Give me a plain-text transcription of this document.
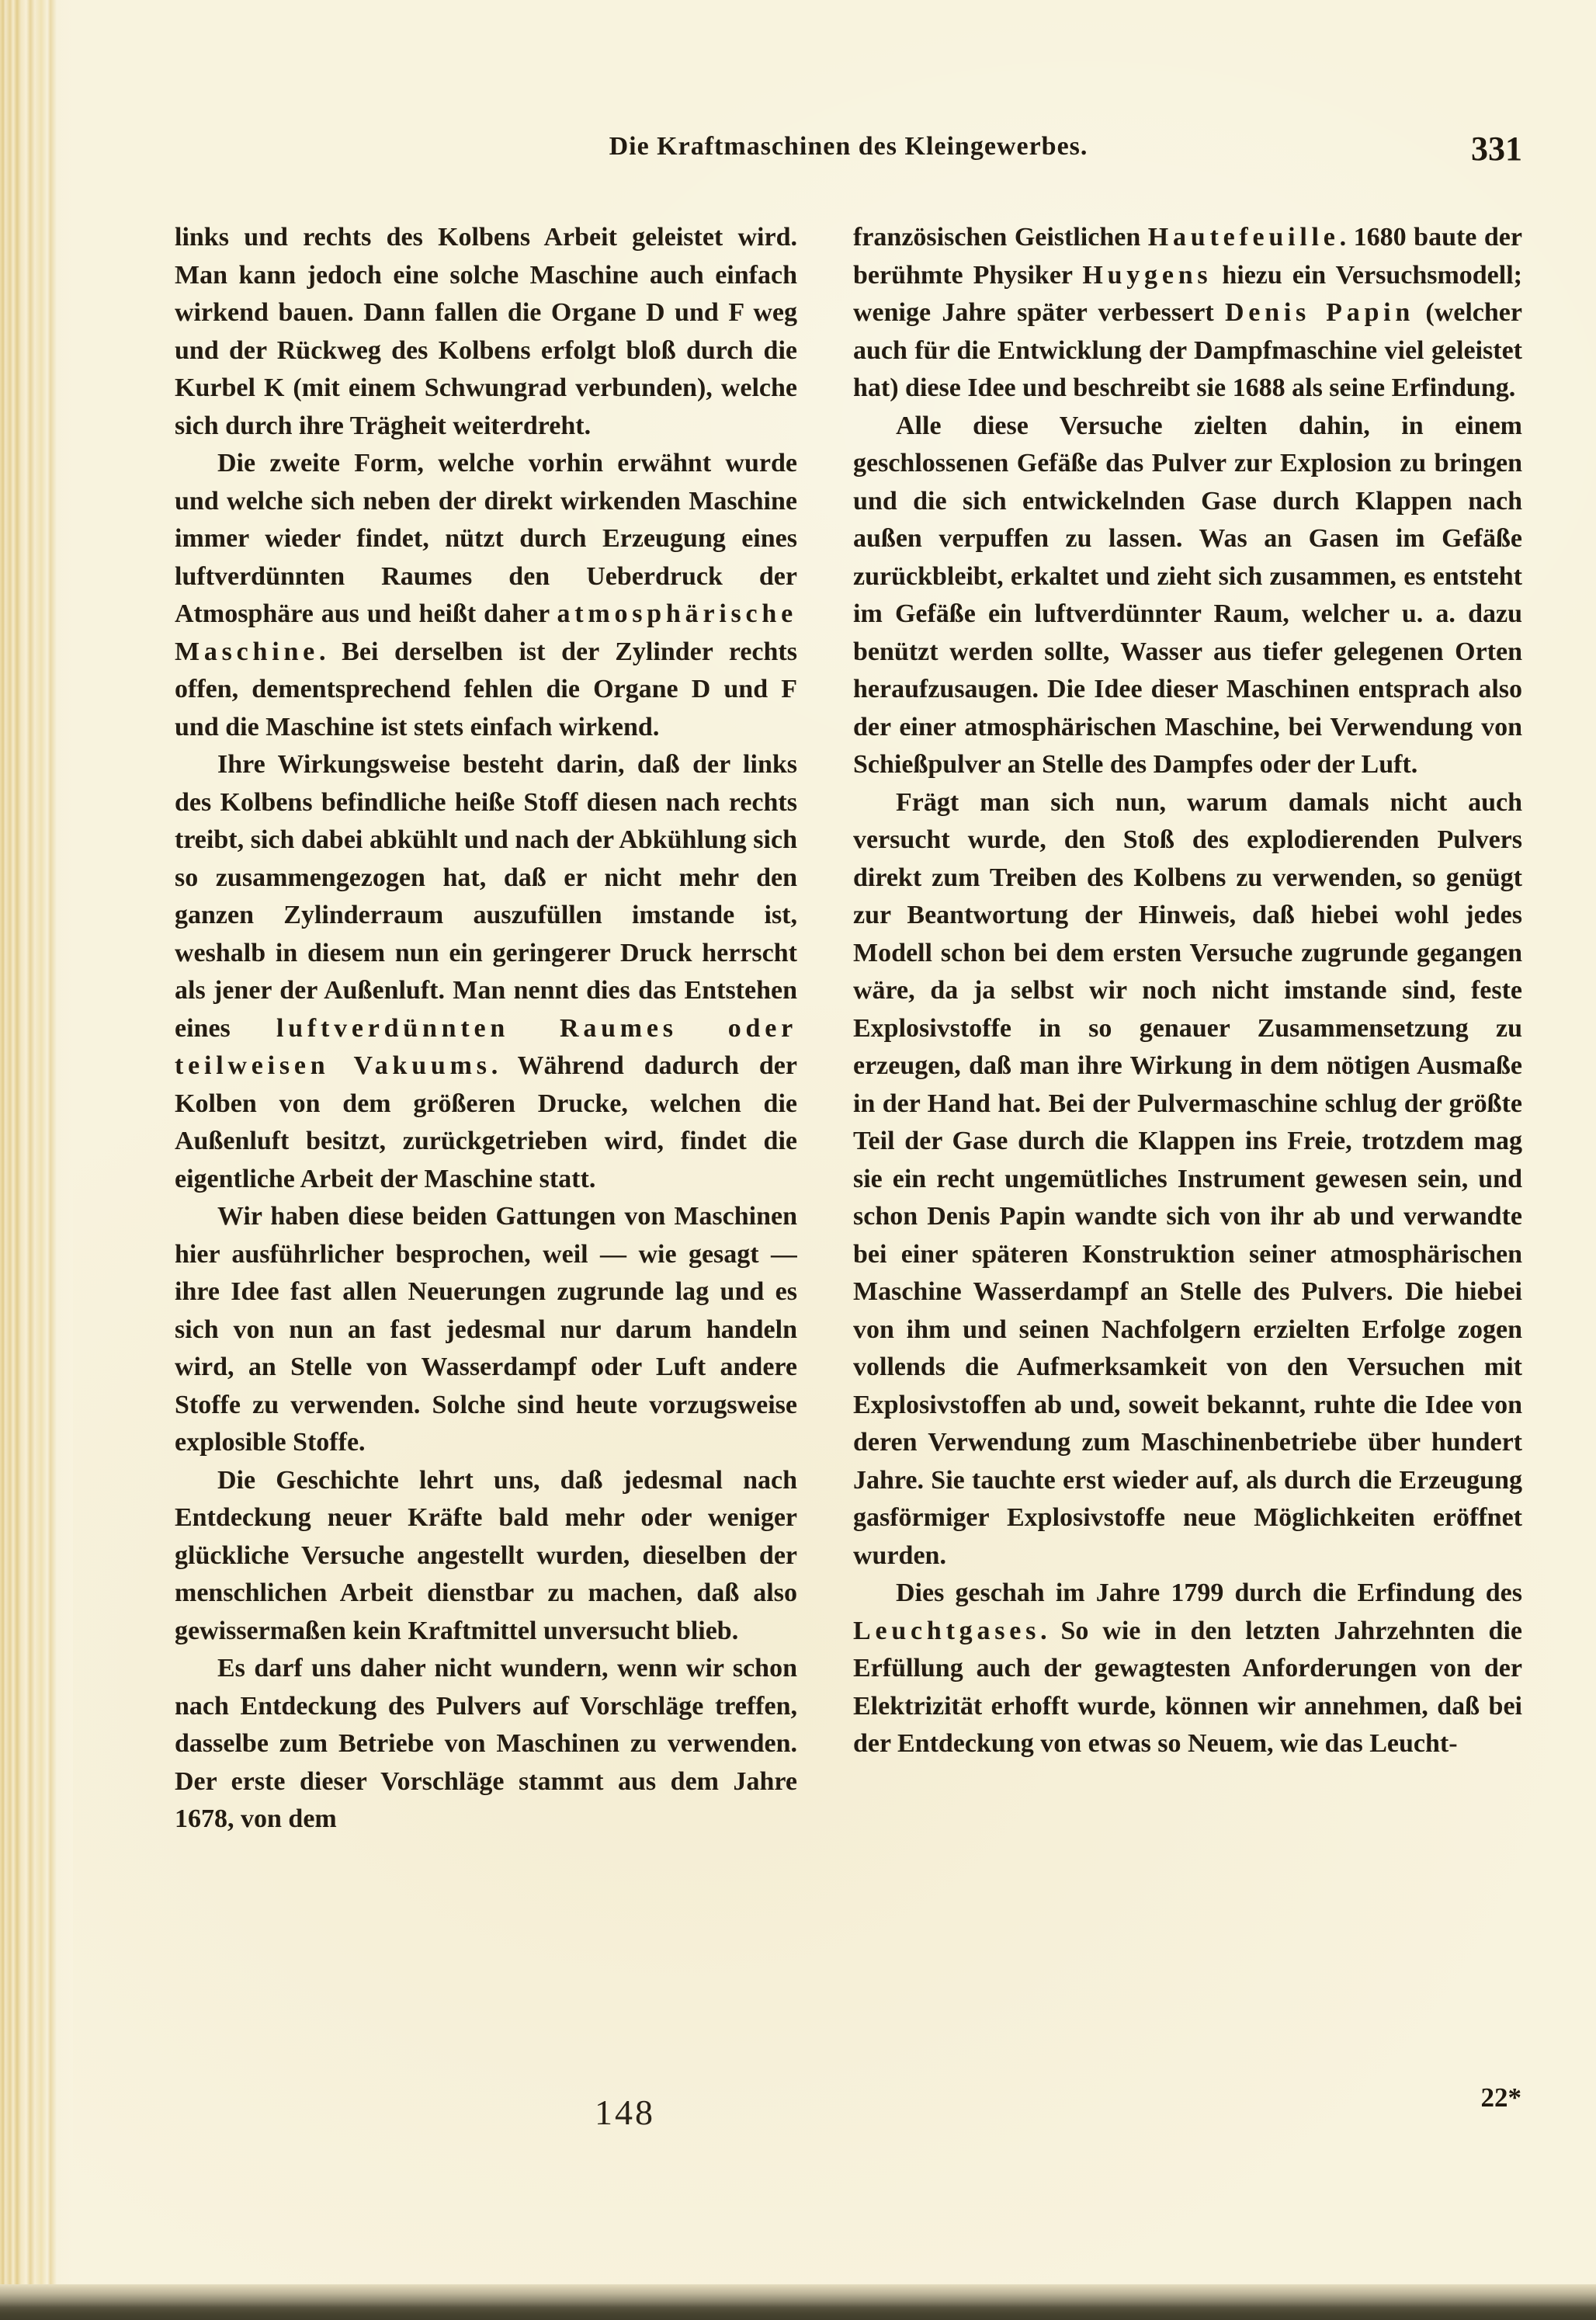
Die Kraftmaschinen des Kleingewerbes.	331

links und rechts des Kolbens Arbeit geleistet wird. Man kann jedoch eine solche Maschine auch einfach wirkend bauen. Dann fallen die Organe D und F weg und der Rückweg des Kolbens erfolgt bloß durch die Kurbel K (mit einem Schwungrad verbunden), welche sich durch ihre Trägheit weiterdreht.

Die zweite Form, welche vorhin erwähnt wurde und welche sich neben der direkt wirkenden Maschine immer wieder findet, nützt durch Erzeugung eines luftverdünnten Raumes den Ueberdruck der Atmosphäre aus und heißt daher atmosphärische Maschine. Bei derselben ist der Zylinder rechts offen, dementsprechend fehlen die Organe D und F und die Maschine ist stets einfach wirkend.

Ihre Wirkungsweise besteht darin, daß der links des Kolbens befindliche heiße Stoff diesen nach rechts treibt, sich dabei abkühlt und nach der Abkühlung sich so zusammengezogen hat, daß er nicht mehr den ganzen Zylinderraum auszufüllen imstande ist, weshalb in diesem nun ein geringerer Druck herrscht als jener der Außenluft. Man nennt dies das Entstehen eines luftverdünnten Raumes oder teilweisen Vakuums. Während dadurch der Kolben von dem größeren Drucke, welchen die Außenluft besitzt, zurückgetrieben wird, findet die eigentliche Arbeit der Maschine statt.

Wir haben diese beiden Gattungen von Maschinen hier ausführlicher besprochen, weil — wie gesagt — ihre Idee fast allen Neuerungen zugrunde lag und es sich von nun an fast jedesmal nur darum handeln wird, an Stelle von Wasserdampf oder Luft andere Stoffe zu verwenden. Solche sind heute vorzugsweise explosible Stoffe.

Die Geschichte lehrt uns, daß jedesmal nach Entdeckung neuer Kräfte bald mehr oder weniger glückliche Versuche angestellt wurden, dieselben der menschlichen Arbeit dienstbar zu machen, daß also gewissermaßen kein Kraftmittel unversucht blieb.

Es darf uns daher nicht wundern, wenn wir schon nach Entdeckung des Pulvers auf Vorschläge treffen, dasselbe zum Betriebe von Maschinen zu verwenden. Der erste dieser Vorschläge stammt aus dem Jahre 1678, von dem

französischen Geistlichen Hautefeuille. 1680 baute der berühmte Physiker Huygens hiezu ein Versuchsmodell; wenige Jahre später verbessert Denis Papin (welcher auch für die Entwicklung der Dampfmaschine viel geleistet hat) diese Idee und beschreibt sie 1688 als seine Erfindung.

Alle diese Versuche zielten dahin, in einem geschlossenen Gefäße das Pulver zur Explosion zu bringen und die sich entwickelnden Gase durch Klappen nach außen verpuffen zu lassen. Was an Gasen im Gefäße zurückbleibt, erkaltet und zieht sich zusammen, es entsteht im Gefäße ein luftverdünnter Raum, welcher u. a. dazu benützt werden sollte, Wasser aus tiefer gelegenen Orten heraufzusaugen. Die Idee dieser Maschinen entsprach also der einer atmosphärischen Maschine, bei Verwendung von Schießpulver an Stelle des Dampfes oder der Luft.

Frägt man sich nun, warum damals nicht auch versucht wurde, den Stoß des explodierenden Pulvers direkt zum Treiben des Kolbens zu verwenden, so genügt zur Beantwortung der Hinweis, daß hiebei wohl jedes Modell schon bei dem ersten Versuche zugrunde gegangen wäre, da ja selbst wir noch nicht imstande sind, feste Explosivstoffe in so genauer Zusammensetzung zu erzeugen, daß man ihre Wirkung in dem nötigen Ausmaße in der Hand hat. Bei der Pulvermaschine schlug der größte Teil der Gase durch die Klappen ins Freie, trotzdem mag sie ein recht ungemütliches Instrument gewesen sein, und schon Denis Papin wandte sich von ihr ab und verwandte bei einer späteren Konstruktion seiner atmosphärischen Maschine Wasserdampf an Stelle des Pulvers. Die hiebei von ihm und seinen Nachfolgern erzielten Erfolge zogen vollends die Aufmerksamkeit von den Versuchen mit Explosivstoffen ab und, soweit bekannt, ruhte die Idee von deren Verwendung zum Maschinenbetriebe über hundert Jahre. Sie tauchte erst wieder auf, als durch die Erzeugung gasförmiger Explosivstoffe neue Möglichkeiten eröffnet wurden.

Dies geschah im Jahre 1799 durch die Erfindung des Leuchtgases. So wie in den letzten Jahrzehnten die Erfüllung auch der gewagtesten Anforderungen von der Elektrizität erhofft wurde, können wir annehmen, daß bei der Entdeckung von etwas so Neuem, wie das Leucht-

148	22*
